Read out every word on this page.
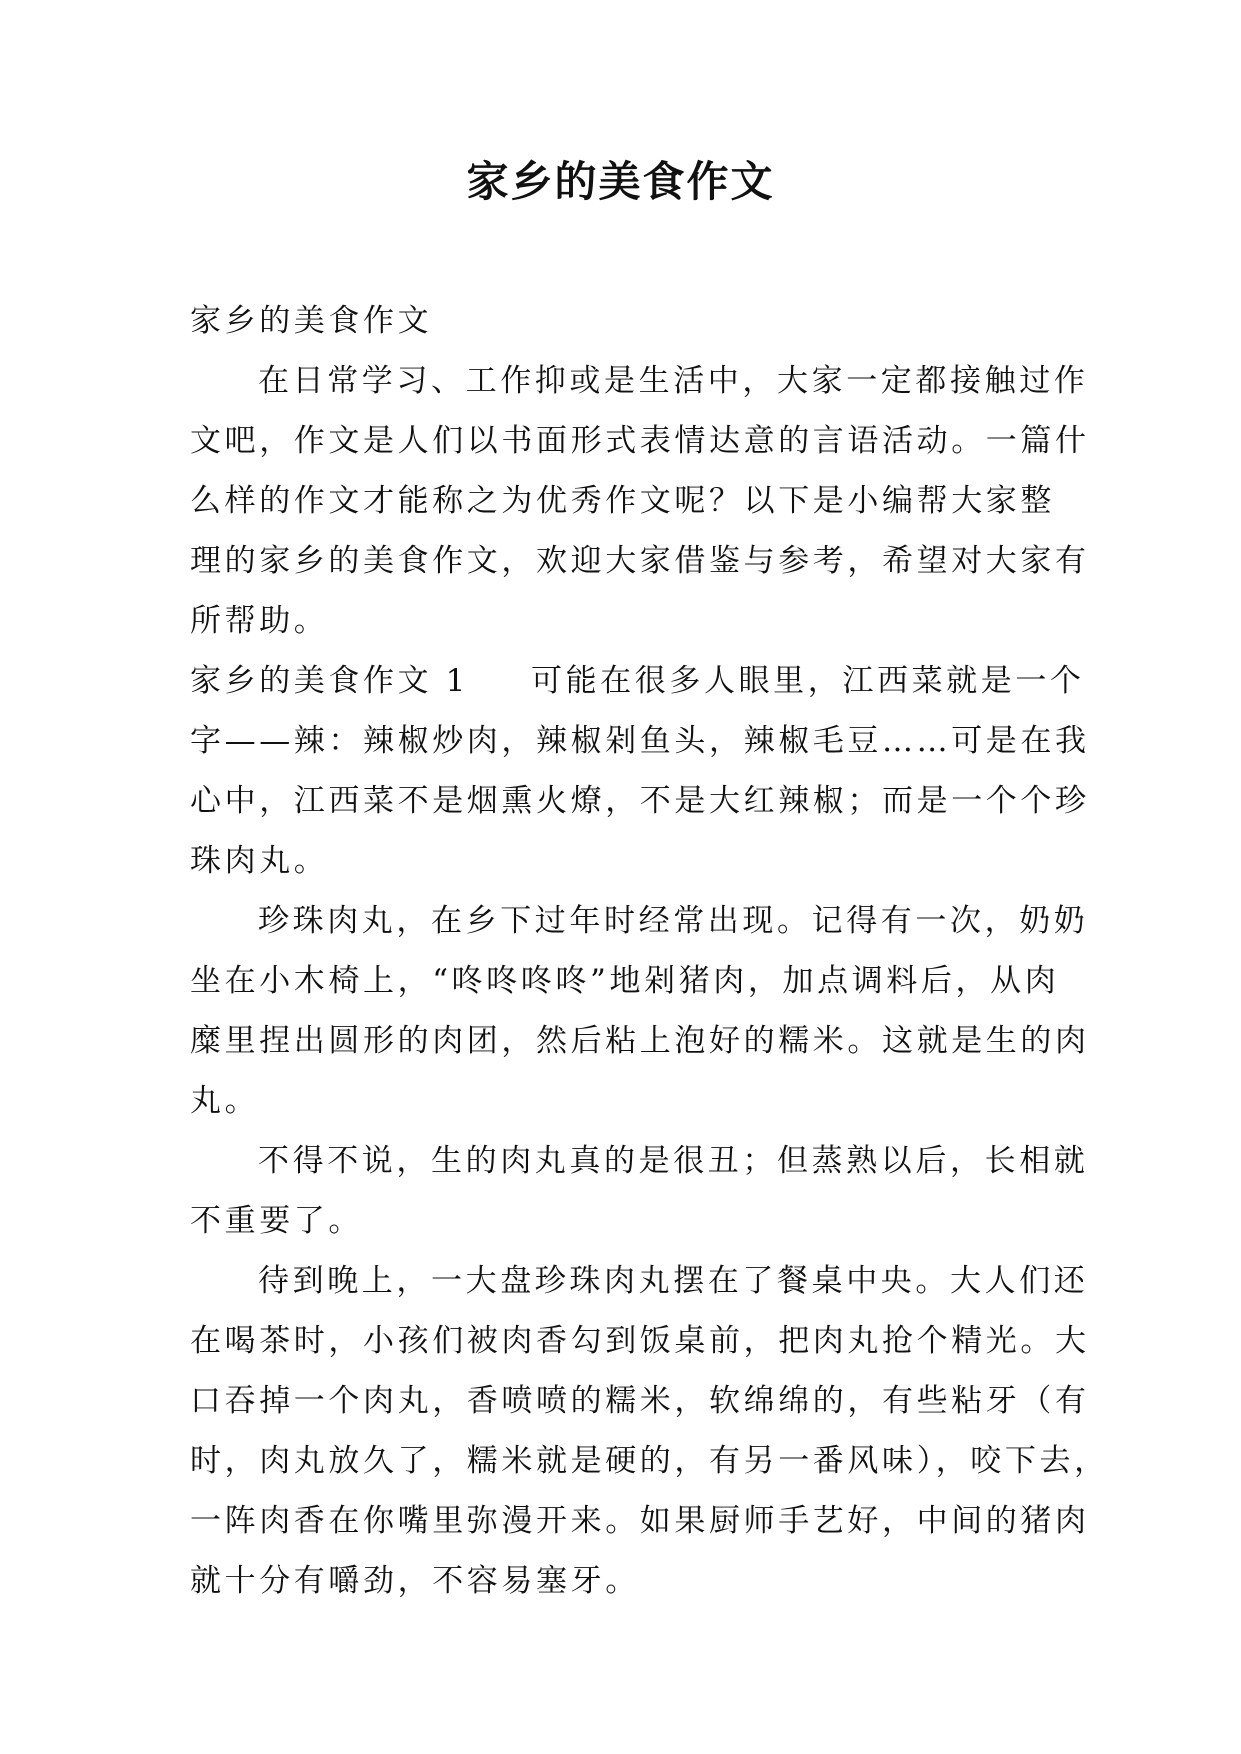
家乡的美食作文
家乡的美食作文
在日常学习、工作抑或是生活中，大家一定都接触过作
文吧，作文是人们以书面形式表情达意的言语活动。一篇什
么样的作文才能称之为优秀作文呢？以下是小编帮大家整
理的家乡的美食作文，欢迎大家借鉴与参考，希望对大家有
所帮助。
家乡的美食作文 1 可能在很多人眼里，江西菜就是一个
字——辣：辣椒炒肉，辣椒剁鱼头，辣椒毛豆……可是在我
心中，江西菜不是烟熏火燎，不是大红辣椒；而是一个个珍
珠肉丸。
珍珠肉丸，在乡下过年时经常出现。记得有一次，奶奶
坐在小木椅上，“咚咚咚咚”地剁猪肉，加点调料后，从肉
糜里捏出圆形的肉团，然后粘上泡好的糯米。这就是生的肉
丸。
不得不说，生的肉丸真的是很丑；但蒸熟以后，长相就
不重要了。
待到晚上，一大盘珍珠肉丸摆在了餐桌中央。大人们还
在喝茶时，小孩们被肉香勾到饭桌前，把肉丸抢个精光。大
口吞掉一个肉丸，香喷喷的糯米，软绵绵的，有些粘牙（有
时，肉丸放久了，糯米就是硬的，有另一番风味），咬下去，
一阵肉香在你嘴里弥漫开来。如果厨师手艺好，中间的猪肉
就十分有嚼劲，不容易塞牙。
